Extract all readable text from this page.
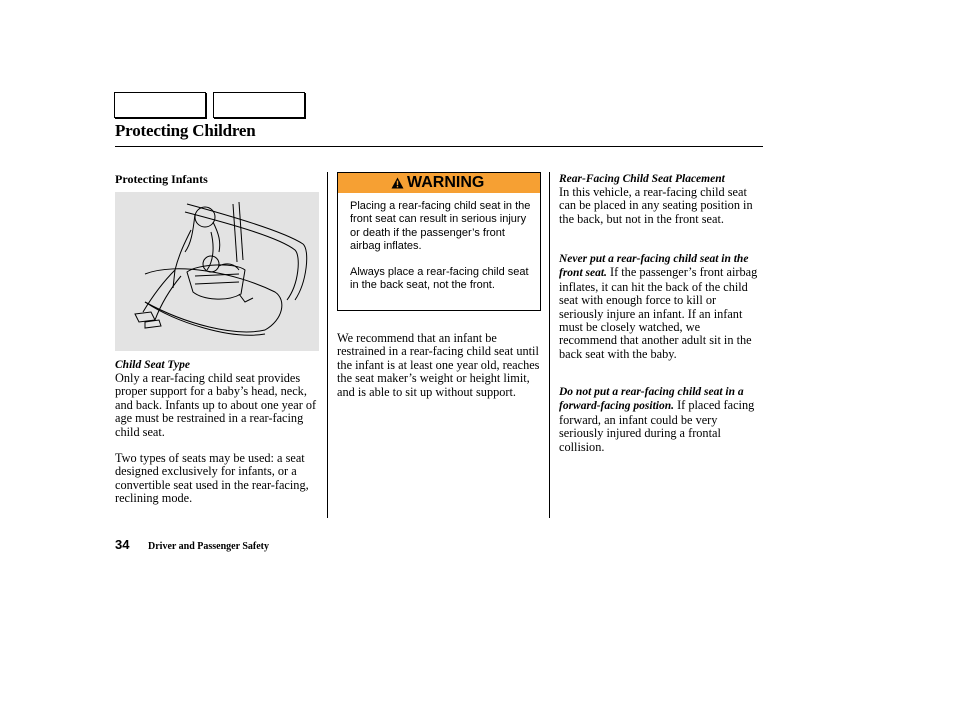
Protecting Children
Protecting Infants
Child Seat Type

Only a rear-facing child seat provides proper support for a baby’s head, neck, and back. Infants up to about one year of age must be restrained in a rear-facing child seat.

Two types of seats may be used: a seat designed exclusively for infants, or a convertible seat used in the rear-facing, reclining mode.

WARNING
Placing a rear-facing child seat in the front seat can result in serious injury or death if the passenger’s front airbag inflates.
Always place a rear-facing child seat in the back seat, not the front.

We recommend that an infant be restrained in a rear-facing child seat until the infant is at least one year old, reaches the seat maker’s weight or height limit, and is able to sit up without support.

Rear-Facing Child Seat Placement

In this vehicle, a rear-facing child seat can be placed in any seating position in the back, but not in the front seat.

Never put a rear-facing child seat in the front seat. If the passenger’s front airbag inflates, it can hit the back of the child seat with enough force to kill or seriously injure an infant. If an infant must be closely watched, we recommend that another adult sit in the back seat with the baby.

Do not put a rear-facing child seat in a forward-facing position. If placed facing forward, an infant could be very seriously injured during a frontal collision.

34 Driver and Passenger Safety
